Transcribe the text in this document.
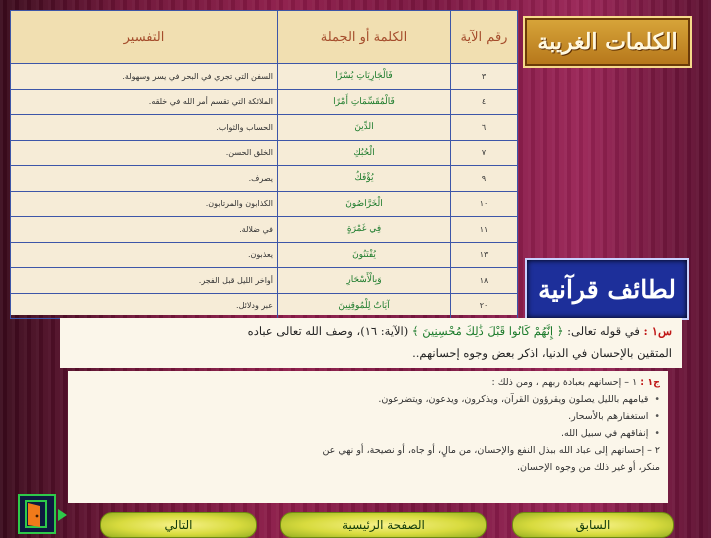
رقم الآية	الكلمة أو الجملة	التفسير
٣	فَالْجَارِيَاتِ يُسْرًا	السفن التي تجري في البحر في يسر وسهولة.
٤	فَالْمُقَسِّمَاتِ أَمْرًا	الملائكة التي تقسم أمر الله في خلقه.
٦	الدِّينَ	الحساب والثواب.
٧	الْحُبُكِ	الخلق الحسن.
٩	يُؤْفَكُ	يصرف.
١٠	الْخَرَّاصُونَ	الكذابون والمرتابون.
١١	فِي غَمْرَةٍ	في ضلالة.
١٣	يُفْتَنُونَ	يعذبون.
١٨	وَبِالْأَسْحَارِ	أواخر الليل قبل الفجر.
٢٠	آيَاتٌ لِلْمُوقِنِينَ	عبر ودلائل.
الكلمات الغريبة
لطائف قرآنية
س١ : في قوله تعالى: ﴿ إِنَّهُمْ كَانُوا قَبْلَ ذَٰلِكَ مُحْسِنِينَ ﴾ (الآية: ١٦)، وصف الله تعالى عباده
المتقين بالإحسان في الدنيا، اذكر بعض وجوه إحسانهم..
ج١ : ١ – إحسانهم بعبادة ربهم ، ومن ذلك :
• قيامهم بالليل يصلون ويقرؤون القرآن، ويذكرون، ويدعون، ويتضرعون.
• استغفارهم بالأسحار.
• إنفاقهم في سبيل الله.
٢ – إحسانهم إلى عباد الله ببذل النفع والإحسان، من مالٍ، أو جاه، أو نصيحة، أو نهي عن
منكر، أو غير ذلك من وجوه الإحسان.
التالي	الصفحة الرئيسية	السابق
